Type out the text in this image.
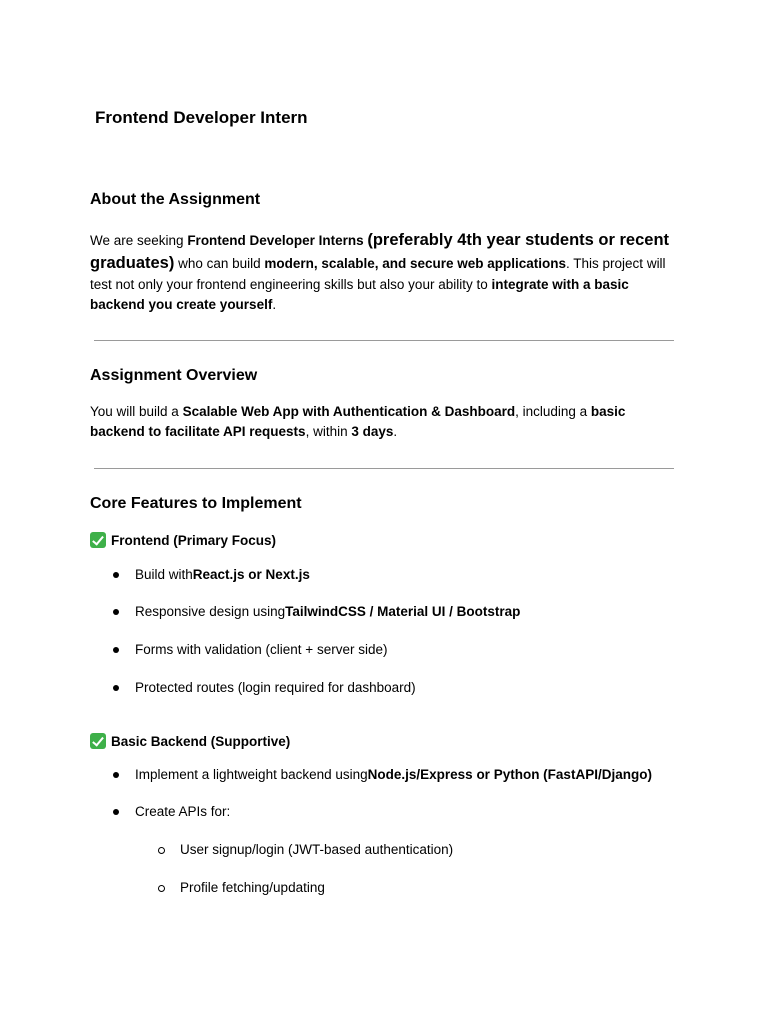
Frontend Developer Intern

About the Assignment

We are seeking Frontend Developer Interns (preferably 4th year students or recent graduates) who can build modern, scalable, and secure web applications. This project will test not only your frontend engineering skills but also your ability to integrate with a basic backend you create yourself.

Assignment Overview

You will build a Scalable Web App with Authentication & Dashboard, including a basic backend to facilitate API requests, within 3 days.

Core Features to Implement

Frontend (Primary Focus)

Build with React.js or Next.js

Responsive design using TailwindCSS / Material UI / Bootstrap

Forms with validation (client + server side)

Protected routes (login required for dashboard)

Basic Backend (Supportive)

Implement a lightweight backend using Node.js/Express or Python (FastAPI/Django)

Create APIs for:

User signup/login (JWT-based authentication)

Profile fetching/updating
